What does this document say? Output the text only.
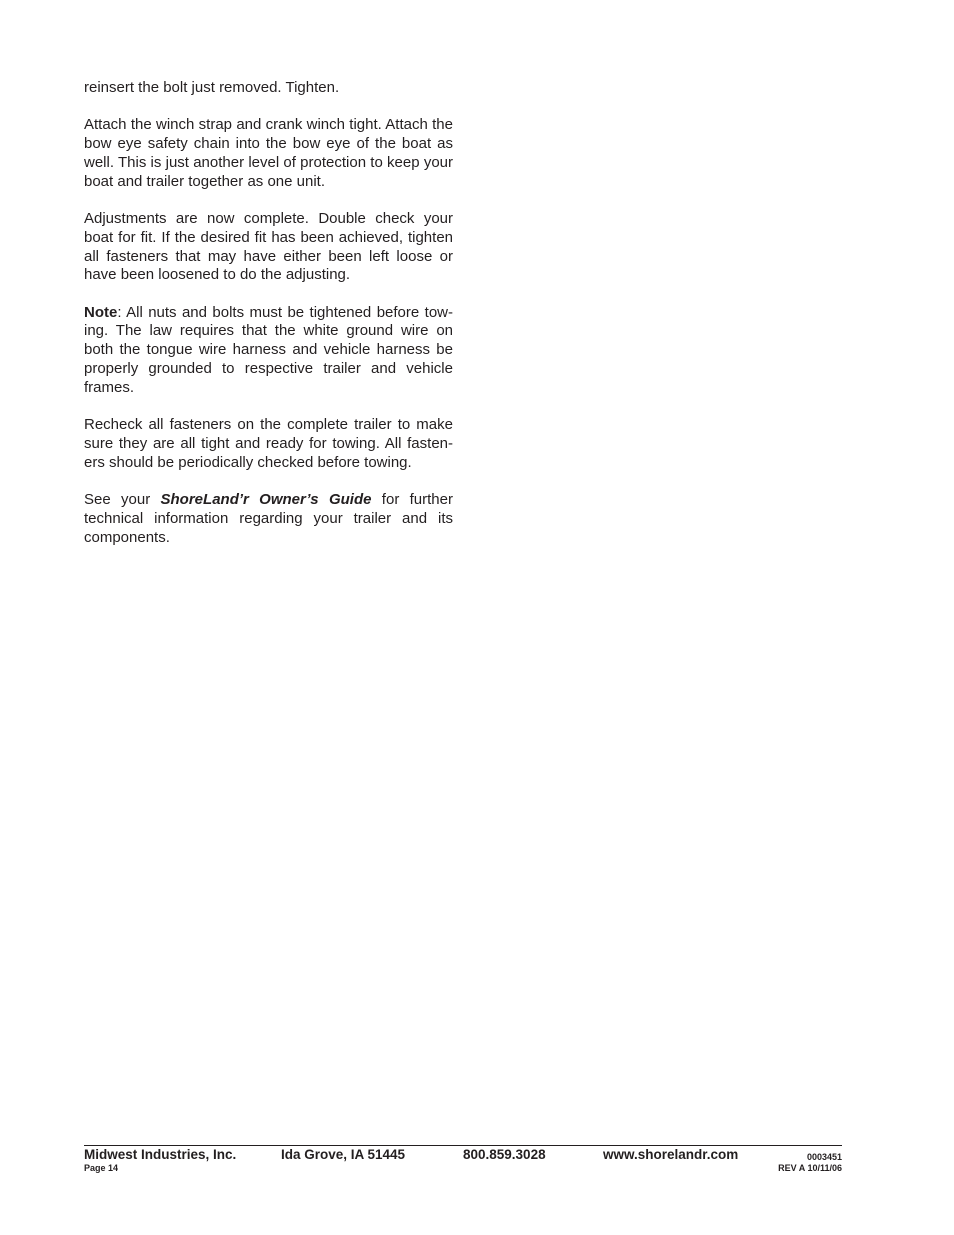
reinsert the bolt just removed. Tighten.

Attach the winch strap and crank winch tight. Attach the bow eye safety chain into the bow eye of the boat as well. This is just another level of protection to keep your boat and trailer together as one unit.

Adjustments are now complete. Double check your boat for fit. If the desired fit has been achieved, tighten all fasteners that may have either been left loose or have been loosened to do the adjusting.

Note: All nuts and bolts must be tightened before towing. The law requires that the white ground wire on both the tongue wire harness and vehicle harness be properly grounded to respective trailer and vehicle frames.

Recheck all fasteners on the complete trailer to make sure they are all tight and ready for towing. All fasteners should be periodically checked before towing.

See your ShoreLand’r Owner’s Guide for further technical information regarding your trailer and its components.

Midwest Industries, Inc.	Ida Grove, IA 51445	800.859.3028	www.shorelandr.com
Page 14
0003451
REV A 10/11/06
